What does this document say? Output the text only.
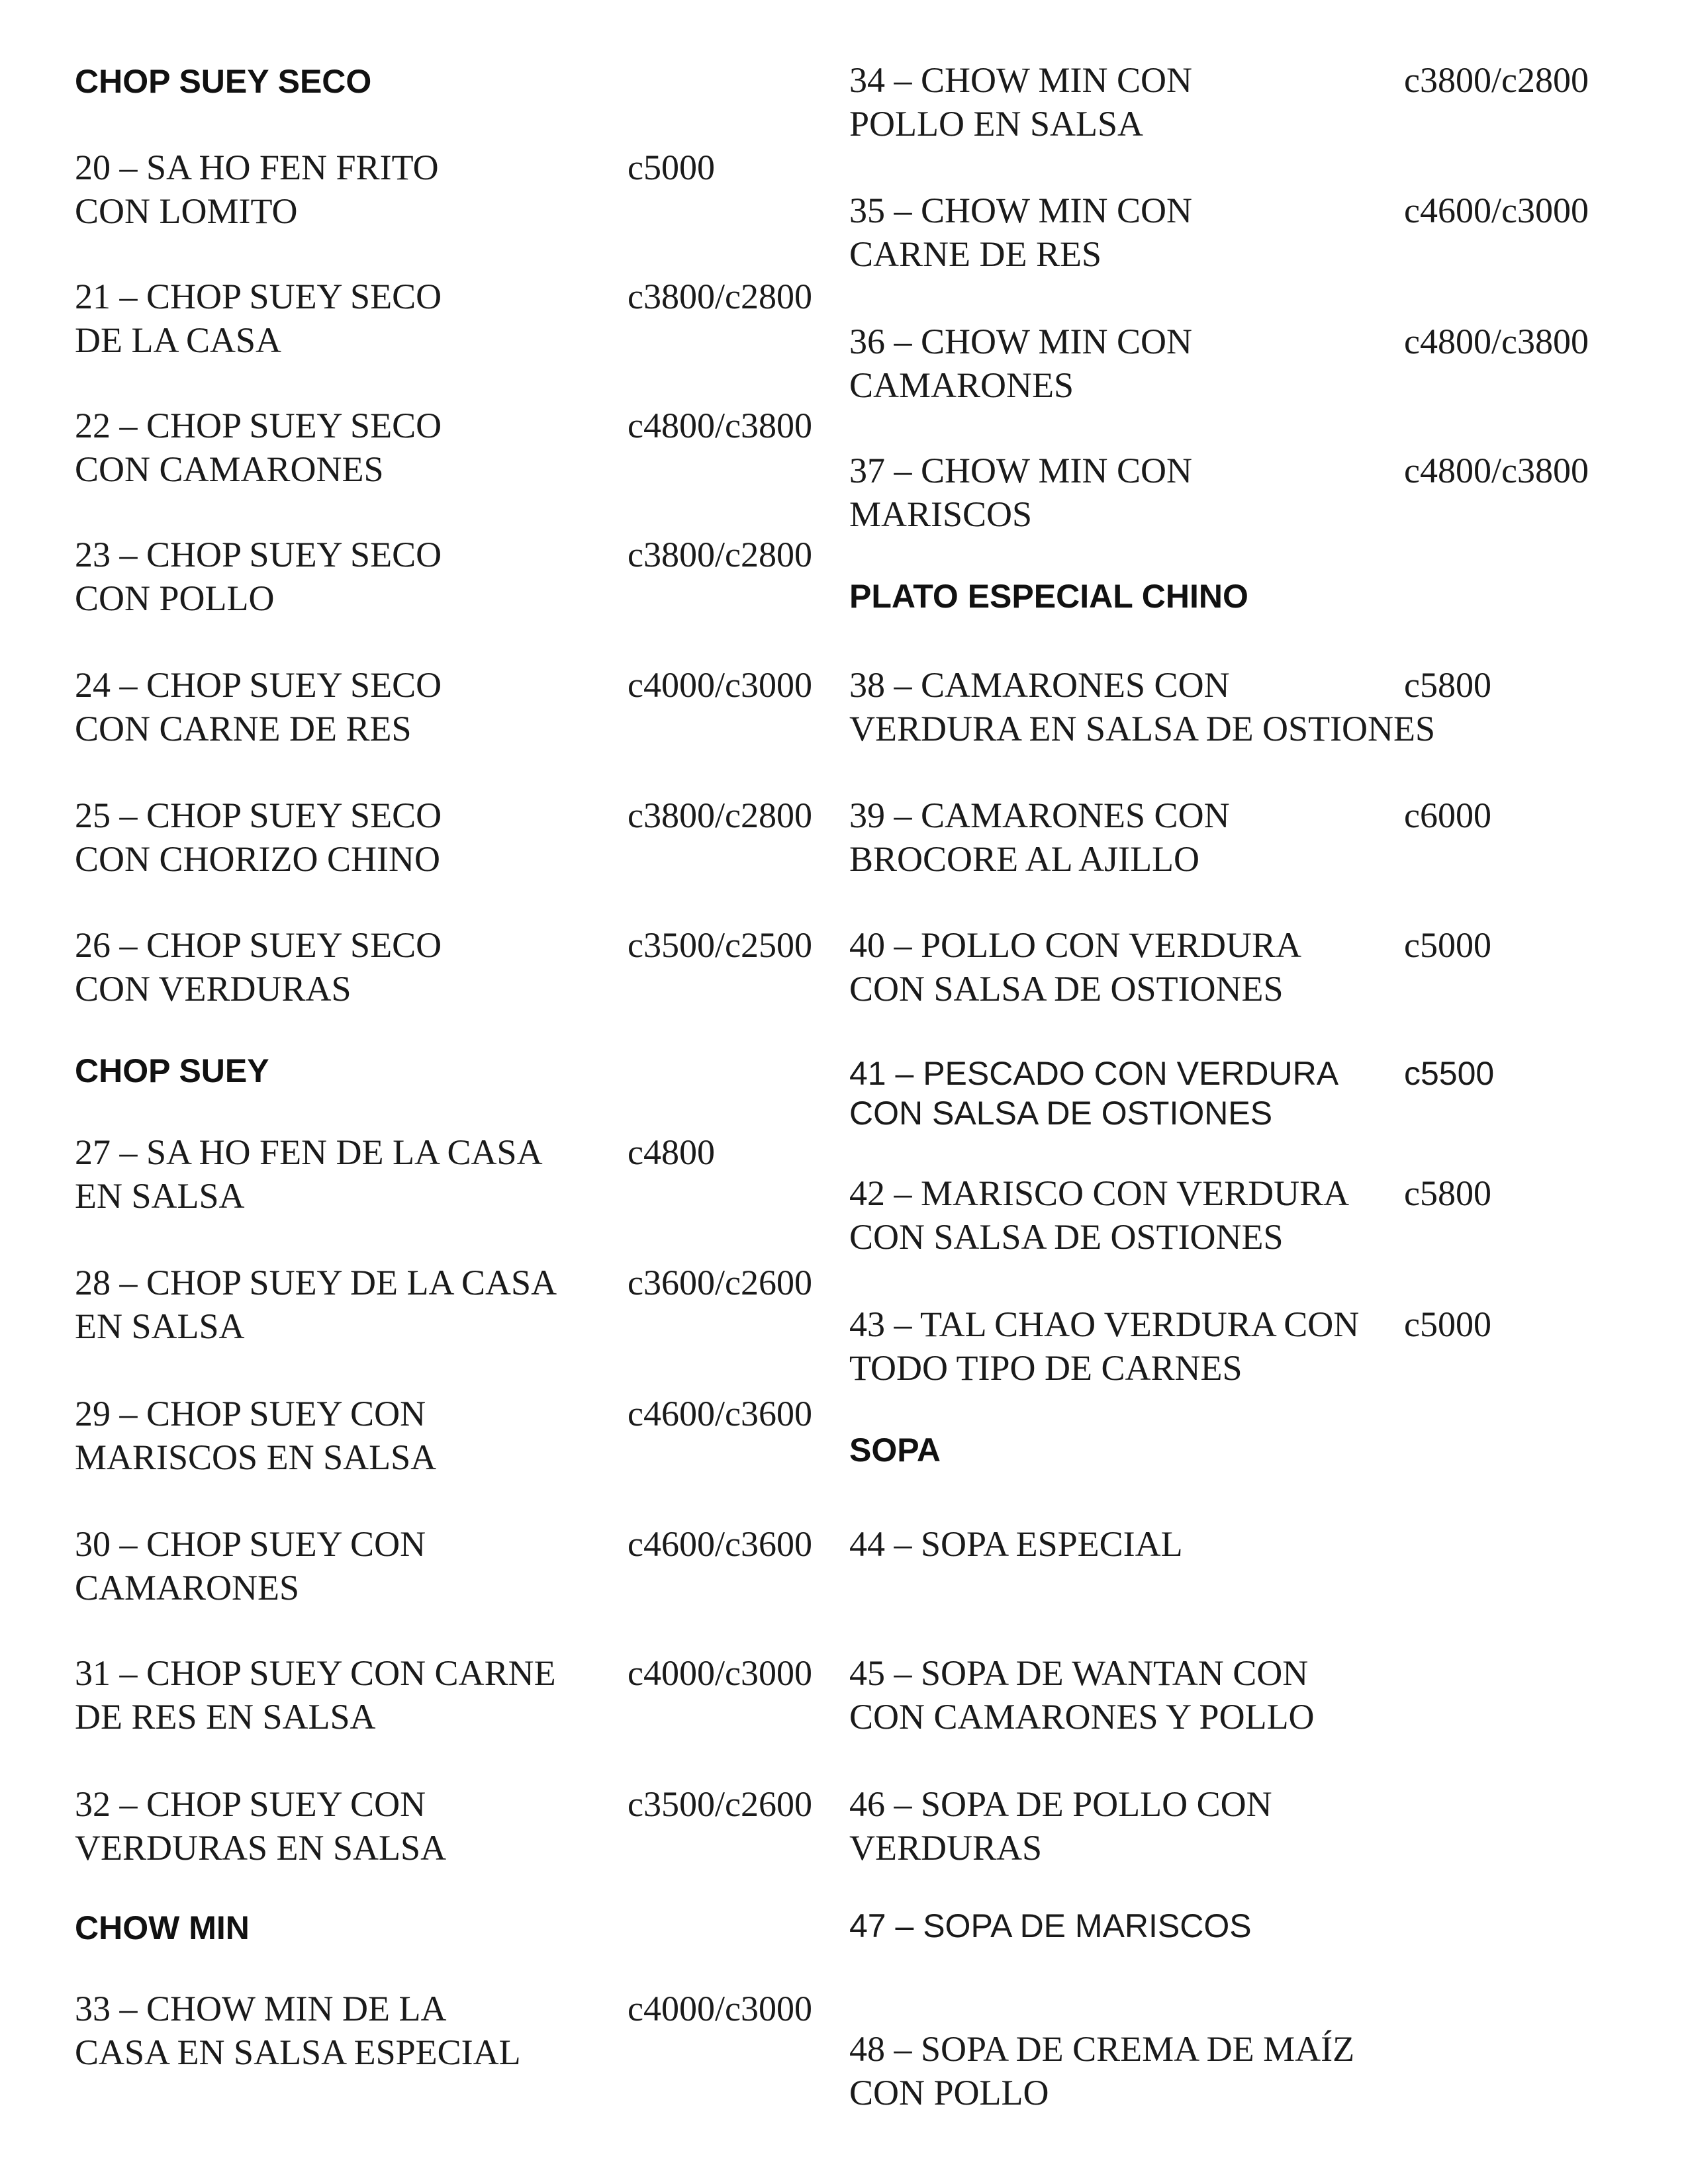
CHOP SUEY SECO
20 – SA HO FEN FRITO
CON LOMITO
c5000
21 – CHOP SUEY SECO
DE LA CASA
c3800/c2800
22 – CHOP SUEY SECO
CON CAMARONES
c4800/c3800
23 – CHOP SUEY SECO
CON POLLO
c3800/c2800
24 – CHOP SUEY SECO
CON CARNE DE RES
c4000/c3000
25 – CHOP SUEY SECO
CON CHORIZO CHINO
c3800/c2800
26 – CHOP SUEY SECO
CON VERDURAS
c3500/c2500
CHOP SUEY
27 – SA HO FEN DE LA CASA
EN SALSA
c4800
28 – CHOP SUEY DE LA CASA
EN SALSA
c3600/c2600
29 – CHOP SUEY CON
MARISCOS EN SALSA
c4600/c3600
30 – CHOP SUEY CON
CAMARONES
c4600/c3600
31 – CHOP SUEY CON CARNE
DE RES EN SALSA
c4000/c3000
32 – CHOP SUEY CON
VERDURAS EN SALSA
c3500/c2600
CHOW MIN
33 – CHOW MIN DE LA
CASA EN SALSA ESPECIAL
c4000/c3000
34 – CHOW MIN CON
POLLO EN SALSA
c3800/c2800
35 – CHOW MIN CON
CARNE DE RES
c4600/c3000
36 – CHOW MIN CON
CAMARONES
c4800/c3800
37 – CHOW MIN CON
MARISCOS
c4800/c3800
PLATO ESPECIAL CHINO
38 – CAMARONES CON
VERDURA EN SALSA DE OSTIONES
c5800
39 – CAMARONES CON
BROCORE AL AJILLO
c6000
40 – POLLO CON VERDURA
CON SALSA DE OSTIONES
c5000
41 – PESCADO CON VERDURA
CON SALSA DE OSTIONES
c5500
42 – MARISCO CON VERDURA
CON SALSA DE OSTIONES
c5800
43 – TAL CHAO VERDURA CON
TODO TIPO DE CARNES
c5000
SOPA
44 – SOPA ESPECIAL
45 – SOPA DE WANTAN CON
CON CAMARONES Y POLLO
46 – SOPA DE POLLO CON
VERDURAS
47 – SOPA DE MARISCOS
48 – SOPA DE CREMA DE MAÍZ
CON POLLO
